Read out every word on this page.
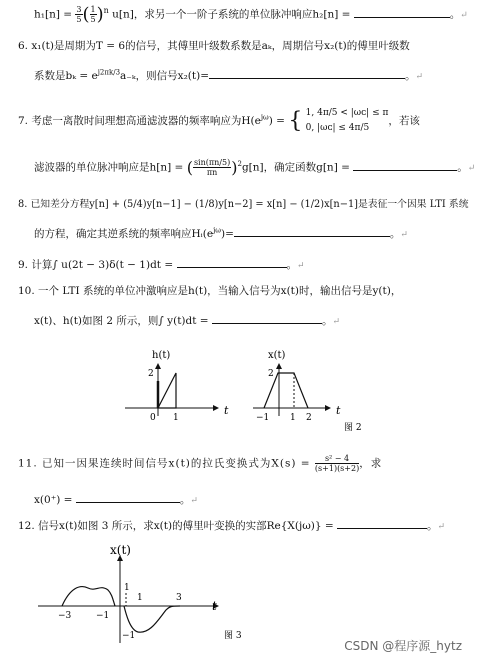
$h_1[n] = \frac{3}{5}$ ( $\frac{1}{5} )^n$ u[n]，求另一个一阶子系统的单位脉冲响应h₂[n] =	。↵
6. x₁(t)是周期为T = 6的信号，其傅里叶级数系数是aₖ，周期信号x₂(t)的傅里叶级数
系数是$b_k = e^{j2\pi k/3}a_{-k}$，则信号x₂(t)=	。↵
7. 考虑一离散时间理想高通滤波器的频率响应为$H(e^{j\omega})$ = { 1, 4π/5 < |ωᴄ| ≤ π
0, |ωᴄ| ≤ 4π/5
，若该
滤波器的单位脉冲响应是h[n] = ( $\frac{\sin(\pi n/5)}{\pi n} )^2g[n]$，确定函数g[n] =	。↵
8. 已知差分方程y[n] + (5/4)y[n−1] − (1/8)y[n−2] = x[n] − (1/2)x[n−1]是表征一个因果 LTI 系统
的方程，确定其逆系统的频率响应$Hᵢ(e^{j\omega})=$	。↵
9. 计算∫ u(2t − 3)δ(t − 1)dt =	。↵
10. 一个 LTI 系统的单位冲激响应是h(t)，当输入信号为x(t)时，输出信号是y(t)，
x(t)、h(t)如图 2 所示，则∫ y(t)dt =	。↵
h(t)
t
2
0 1
x(t)
t
2
−1 1 2
图 2
11. 已知一因果连续时间信号x(t)的拉氏变换式为$X(s) = \frac{\text{s² − 4}}{(s+1)(s+2)}$ ，求
x(0⁺) =	。↵
12. 信号x(t)如图 3 所示，求x(t)的傅里叶变换的实部Re{X(jω)} =	。↵
x(t)
t
1
−1
−3	−1
1	3
图 3
CSDN @程序源_hytz
